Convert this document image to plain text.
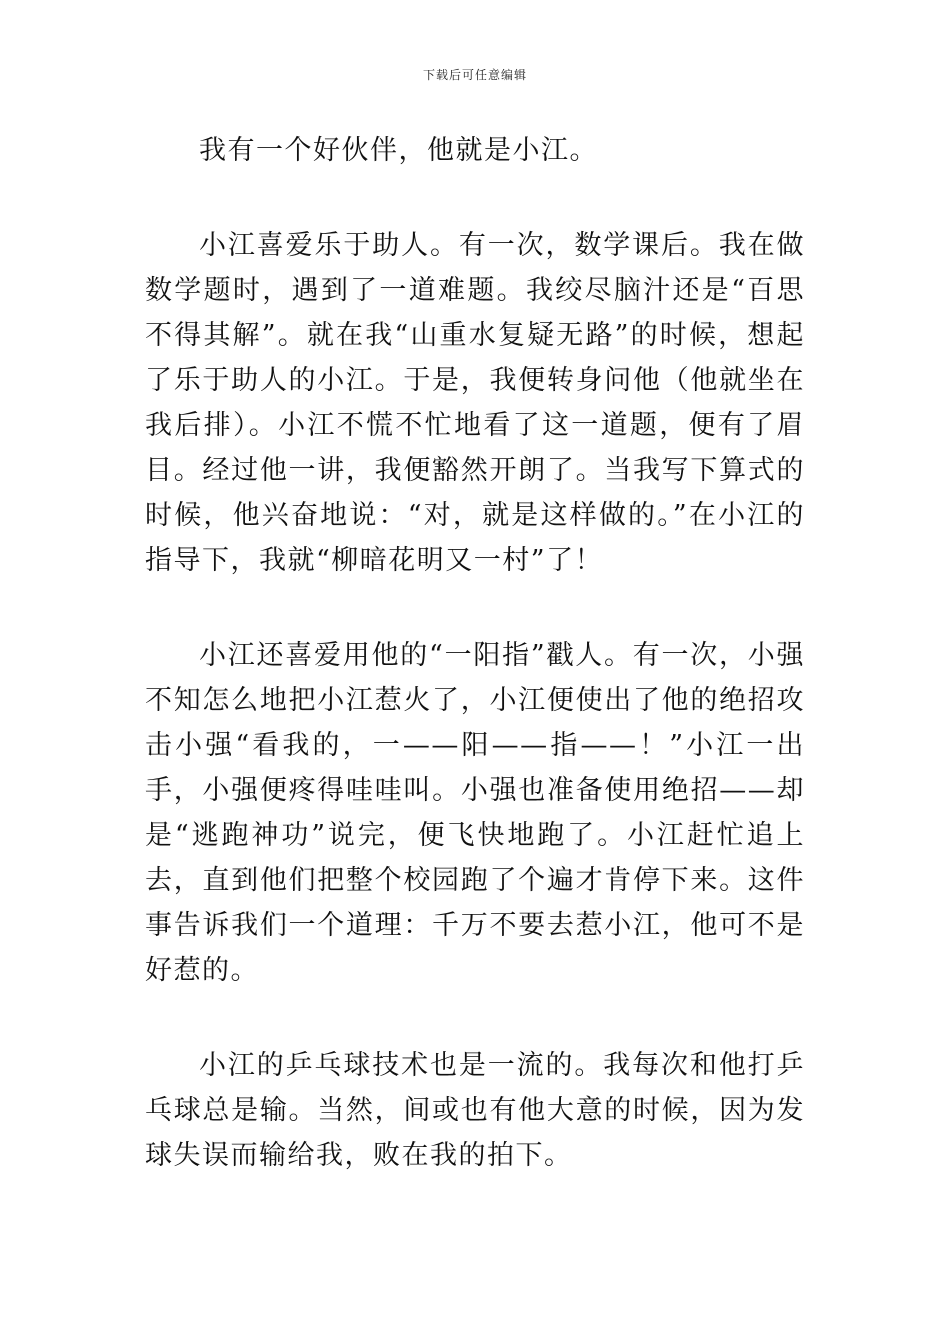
下载后可任意编辑

我有一个好伙伴，他就是小江。

小江喜爱乐于助人。有一次，数学课后。我在做数学题时，遇到了一道难题。我绞尽脑汁还是“百思不得其解”。就在我“山重水复疑无路”的时候，想起了乐于助人的小江。于是，我便转身问他（他就坐在我后排）。小江不慌不忙地看了这一道题，便有了眉目。经过他一讲，我便豁然开朗了。当我写下算式的时候，他兴奋地说：“对，就是这样做的。”在小江的指导下，我就“柳暗花明又一村”了！

小江还喜爱用他的“一阳指”戳人。有一次，小强不知怎么地把小江惹火了，小江便使出了他的绝招攻击小强“看我的，一——阳——指——！”小江一出手，小强便疼得哇哇叫。小强也准备使用绝招——却是“逃跑神功”说完，便飞快地跑了。小江赶忙追上去，直到他们把整个校园跑了个遍才肯停下来。这件事告诉我们一个道理：千万不要去惹小江，他可不是好惹的。

小江的乒乓球技术也是一流的。我每次和他打乒乓球总是输。当然，间或也有他大意的时候，因为发球失误而输给我，败在我的拍下。
